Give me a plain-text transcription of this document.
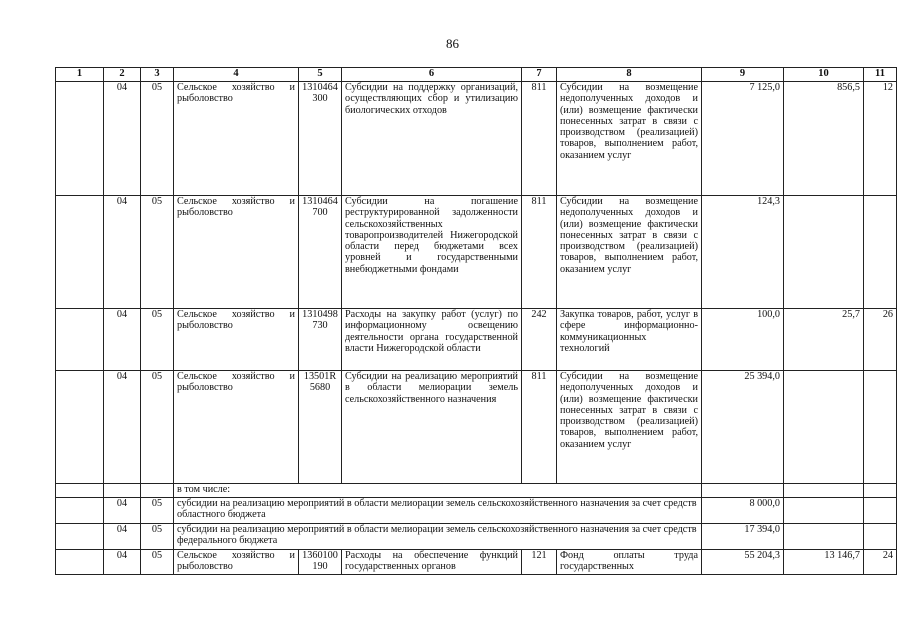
86
1	2	3	4	5	6	7	8	9	10	11
	04	05	Сельское хозяйство и рыболовство	1310464300	Субсидии на поддержку организаций, осуществляющих сбор и утилизацию биологических отходов	811	Субсидии на возмещение недополученных доходов и (или) возмещение фактически понесенных затрат в связи с производством (реализацией) товаров, выполнением работ, оказанием услуг	7 125,0	856,5	12
	04	05	Сельское хозяйство и рыболовство	1310464700	Субсидии на погашение реструктурированной задолженности сельскохозяйственных товаропроизводителей Нижегородской области перед бюджетами всех уровней и государственными внебюджетными фондами	811	Субсидии на возмещение недополученных доходов и (или) возмещение фактически понесенных затрат в связи с производством (реализацией) товаров, выполнением работ, оказанием услуг	124,3		
	04	05	Сельское хозяйство и рыболовство	1310498730	Расходы на закупку работ (услуг) по информационному освещению деятельности органа государственной власти Нижегородской области	242	Закупка товаров, работ, услуг в сфере информационно-коммуникационных технологий	100,0	25,7	26
	04	05	Сельское хозяйство и рыболовство	13501R5680	Субсидии на реализацию мероприятий в области мелиорации земель сельскохозяйственного назначения	811	Субсидии на возмещение недополученных доходов и (или) возмещение фактически понесенных затрат в связи с производством (реализацией) товаров, выполнением работ, оказанием услуг	25 394,0		
			в том числе:							
	04	05	субсидии на реализацию мероприятий в области мелиорации земель сельскохозяйственного назначения за счет средств областного бюджета					8 000,0		
	04	05	субсидии на реализацию мероприятий в области мелиорации земель сельскохозяйственного назначения за счет средств федерального бюджета					17 394,0		
	04	05	Сельское хозяйство и рыболовство	1360100190	Расходы на обеспечение функций государственных органов	121	Фонд оплаты труда государственных	55 204,3	13 146,7	24
